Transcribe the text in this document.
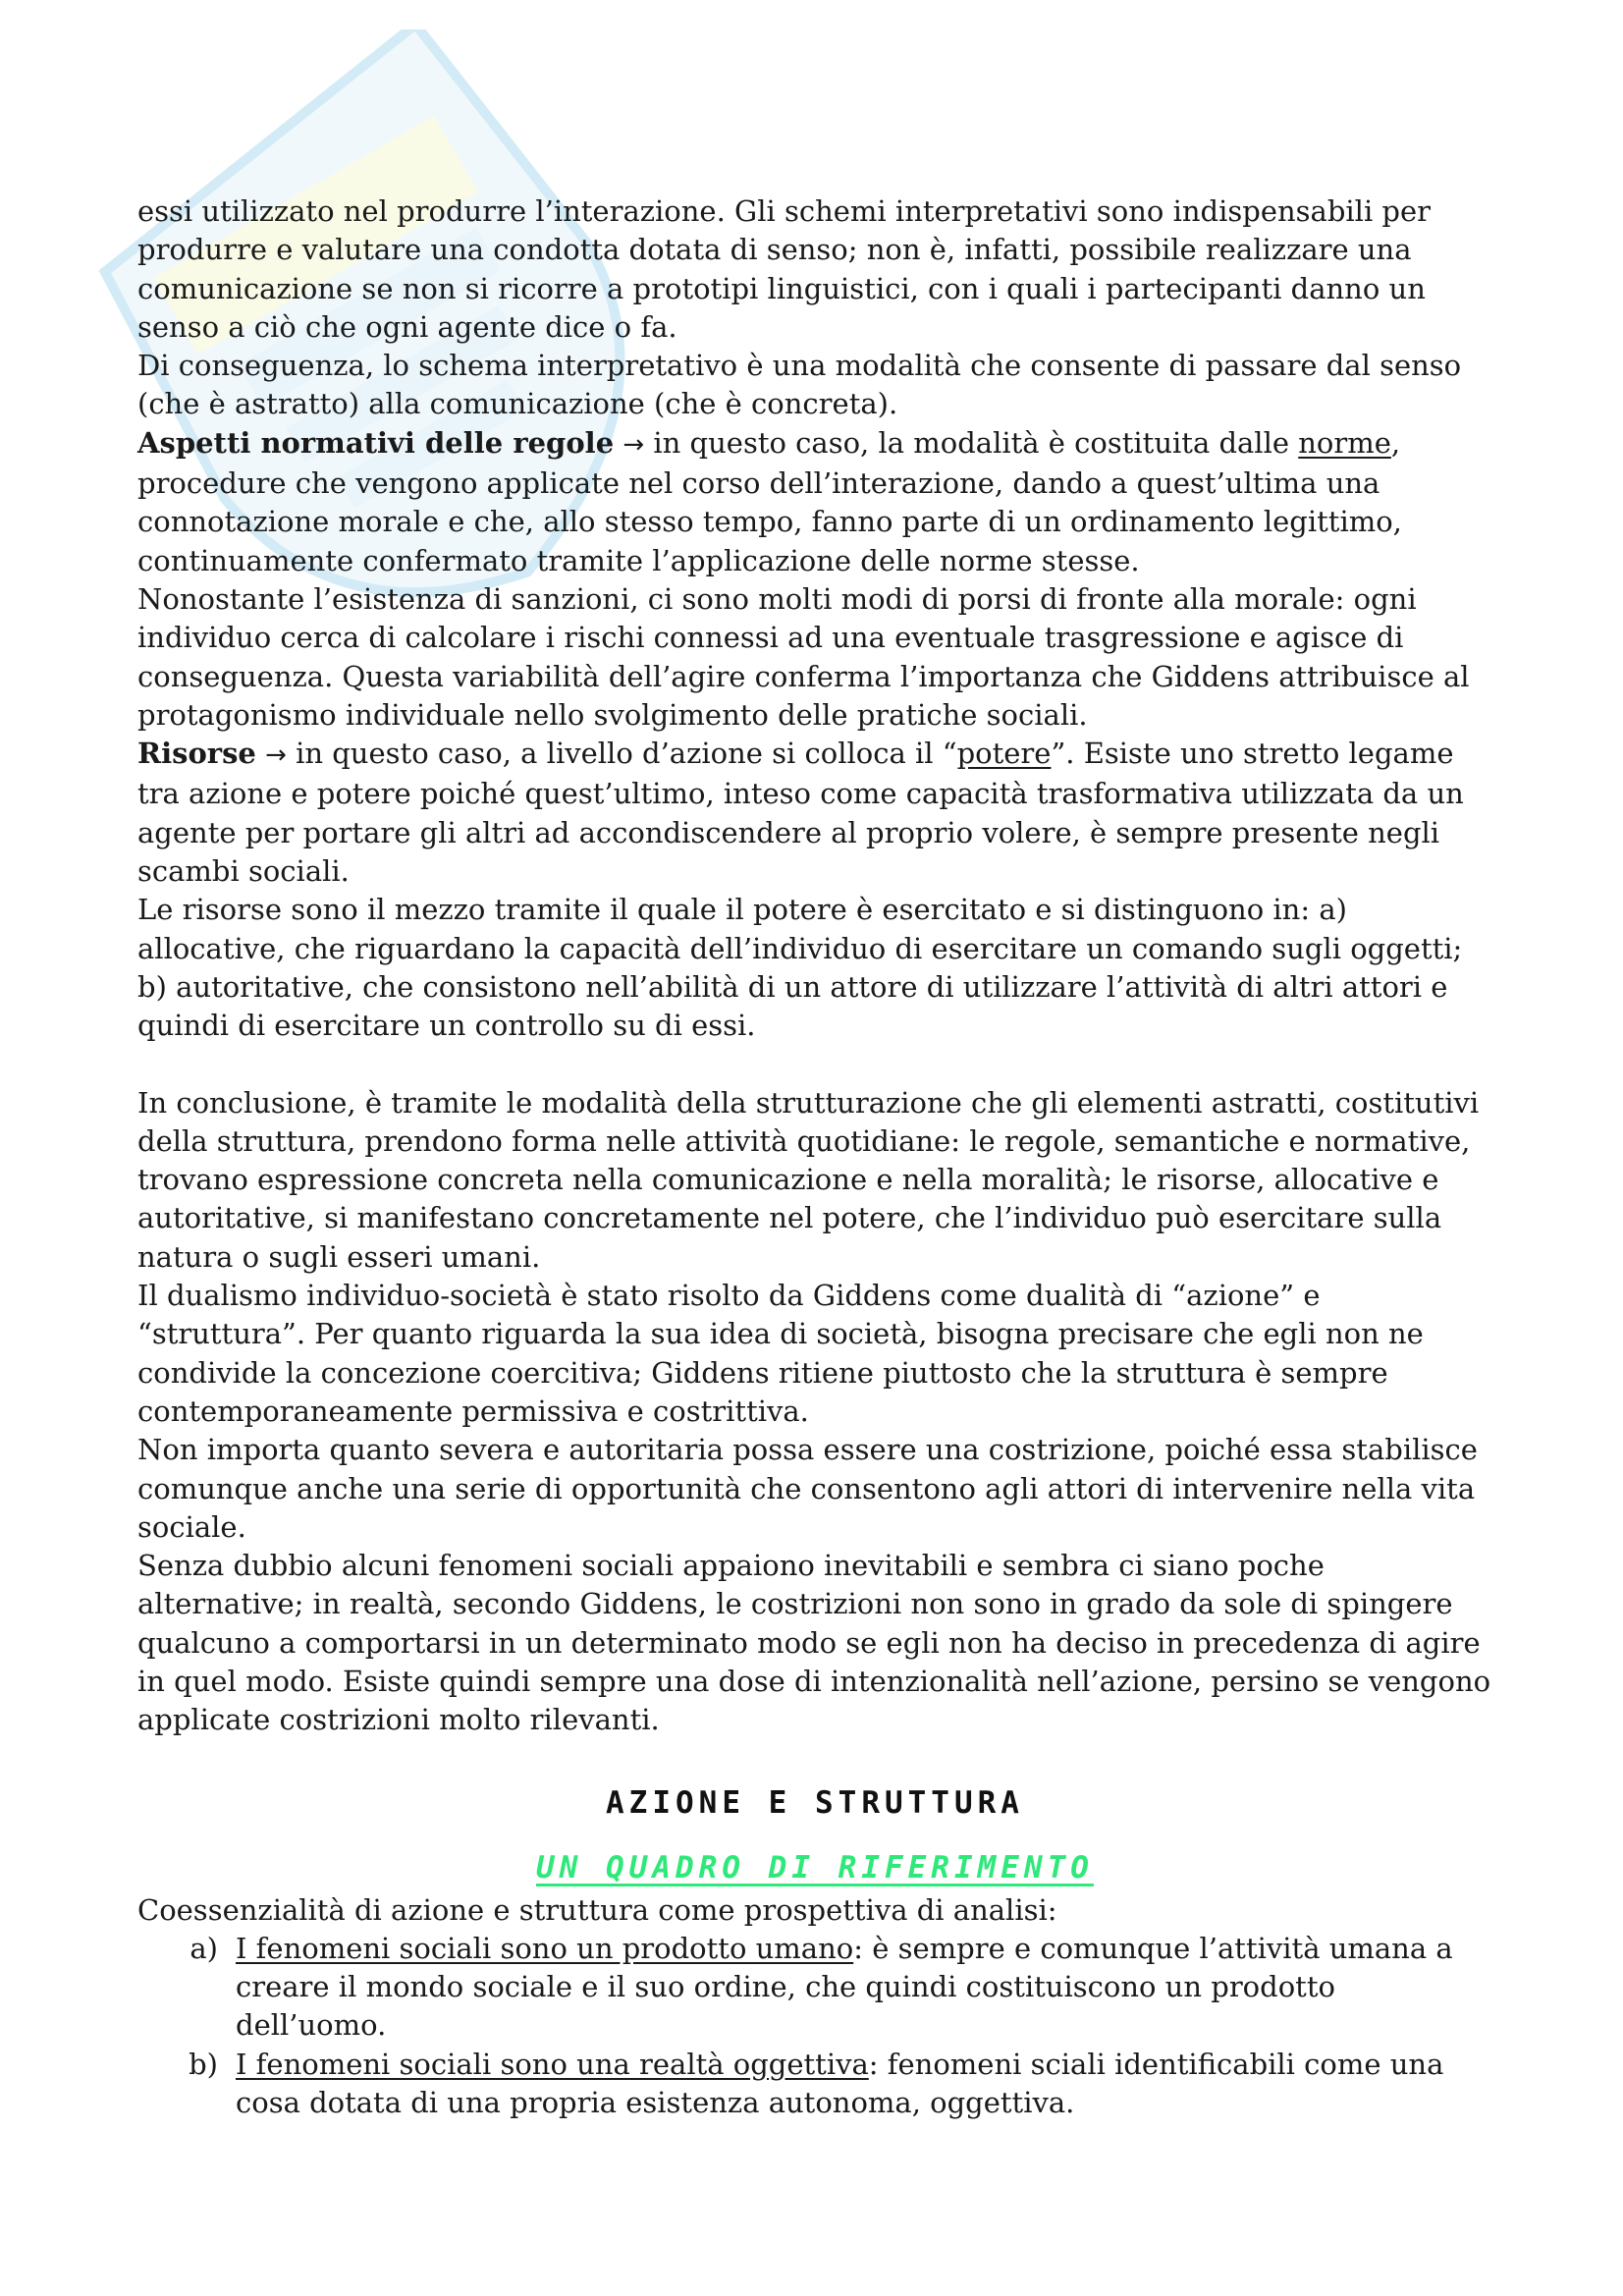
essi utilizzato nel produrre l’interazione. Gli schemi interpretativi sono indispensabili per produrre e valutare una condotta dotata di senso; non è, infatti, possibile realizzare una comunicazione se non si ricorre a prototipi linguistici, con i quali i partecipanti danno un senso a ciò che ogni agente dice o fa.

Di conseguenza, lo schema interpretativo è una modalità che consente di passare dal senso (che è astratto) alla comunicazione (che è concreta).

Aspetti normativi delle regole → in questo caso, la modalità è costituita dalle norme, procedure che vengono applicate nel corso dell’interazione, dando a quest’ultima una connotazione morale e che, allo stesso tempo, fanno parte di un ordinamento legittimo, continuamente confermato tramite l’applicazione delle norme stesse.

Nonostante l’esistenza di sanzioni, ci sono molti modi di porsi di fronte alla morale: ogni individuo cerca di calcolare i rischi connessi ad una eventuale trasgressione e agisce di conseguenza. Questa variabilità dell’agire conferma l’importanza che Giddens attribuisce al protagonismo individuale nello svolgimento delle pratiche sociali.

Risorse → in questo caso, a livello d’azione si colloca il “potere”. Esiste uno stretto legame tra azione e potere poiché quest’ultimo, inteso come capacità trasformativa utilizzata da un agente per portare gli altri ad accondiscendere al proprio volere, è sempre presente negli scambi sociali.

Le risorse sono il mezzo tramite il quale il potere è esercitato e si distinguono in: a) allocative, che riguardano la capacità dell’individuo di esercitare un comando sugli oggetti;

b) autoritative, che consistono nell’abilità di un attore di utilizzare l’attività di altri attori e quindi di esercitare un controllo su di essi.

In conclusione, è tramite le modalità della strutturazione che gli elementi astratti, costitutivi della struttura, prendono forma nelle attività quotidiane: le regole, semantiche e normative, trovano espressione concreta nella comunicazione e nella moralità; le risorse, allocative e autoritative, si manifestano concretamente nel potere, che l’individuo può esercitare sulla natura o sugli esseri umani.

Il dualismo individuo-società è stato risolto da Giddens come dualità di “azione” e “struttura”. Per quanto riguarda la sua idea di società, bisogna precisare che egli non ne condivide la concezione coercitiva; Giddens ritiene piuttosto che la struttura è sempre contemporaneamente permissiva e costrittiva.

Non importa quanto severa e autoritaria possa essere una costrizione, poiché essa stabilisce comunque anche una serie di opportunità che consentono agli attori di intervenire nella vita sociale.

Senza dubbio alcuni fenomeni sociali appaiono inevitabili e sembra ci siano poche alternative; in realtà, secondo Giddens, le costrizioni non sono in grado da sole di spingere qualcuno a comportarsi in un determinato modo se egli non ha deciso in precedenza di agire in quel modo. Esiste quindi sempre una dose di intenzionalità nell’azione, persino se vengono applicate costrizioni molto rilevanti.

AZIONE E STRUTTURA
UN QUADRO DI RIFERIMENTO

Coessenzialità di azione e struttura come prospettiva di analisi:

a) I fenomeni sociali sono un prodotto umano: è sempre e comunque l’attività umana a creare il mondo sociale e il suo ordine, che quindi costituiscono un prodotto dell’uomo.
b) I fenomeni sociali sono una realtà oggettiva: fenomeni sciali identificabili come una cosa dotata di una propria esistenza autonoma, oggettiva.
